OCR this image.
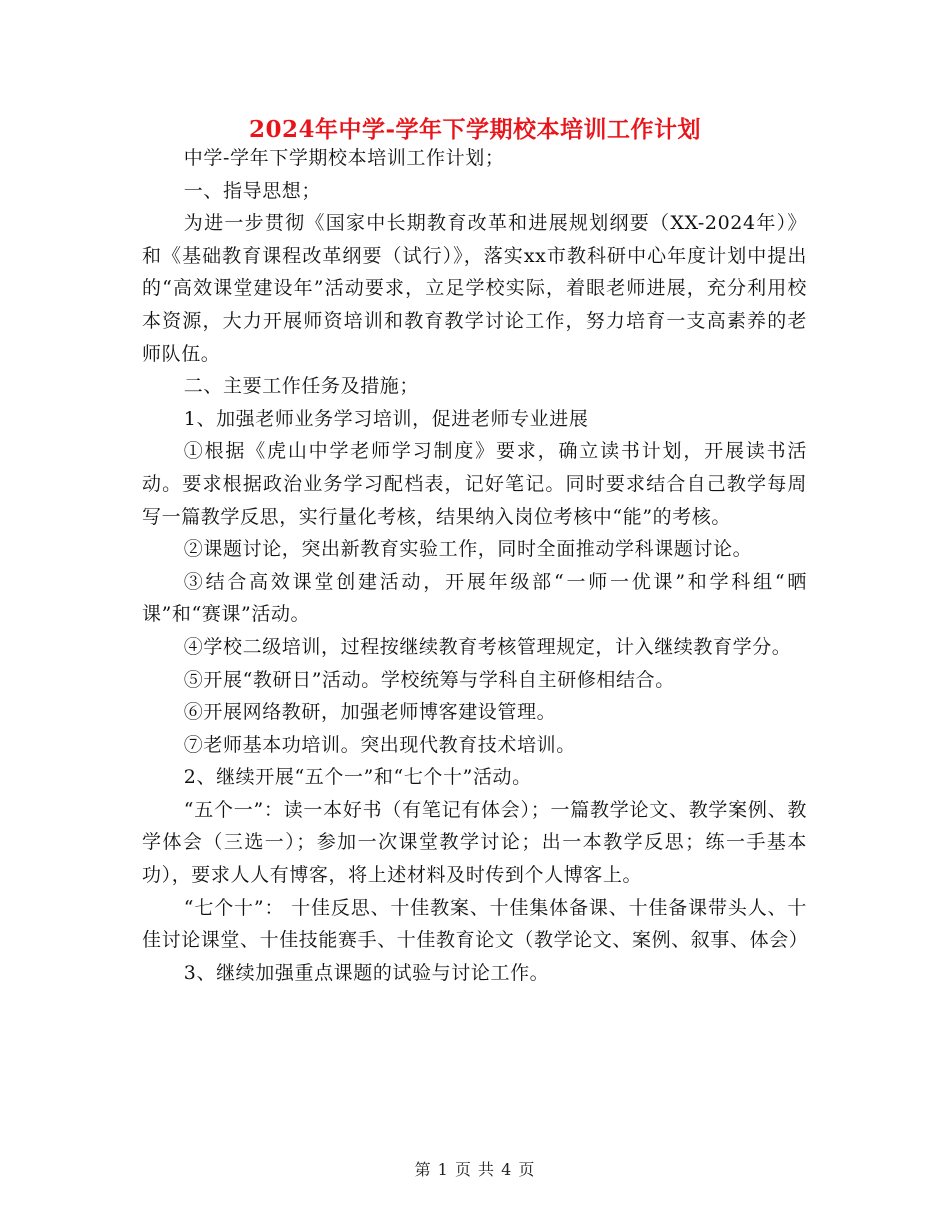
2024年中学-学年下学期校本培训工作计划

中学-学年下学期校本培训工作计划；

一、指导思想；

为进一步贯彻《国家中长期教育改革和进展规划纲要（XX-2024年）》和《基础教育课程改革纲要（试行）》，落实xx市教科研中心年度计划中提出的“高效课堂建设年”活动要求，立足学校实际，着眼老师进展，充分利用校本资源，大力开展师资培训和教育教学讨论工作，努力培育一支高素养的老师队伍。

二、主要工作任务及措施；

1、加强老师业务学习培训，促进老师专业进展

①根据《虎山中学老师学习制度》要求，确立读书计划，开展读书活动。要求根据政治业务学习配档表，记好笔记。同时要求结合自己教学每周写一篇教学反思，实行量化考核，结果纳入岗位考核中“能”的考核。

②课题讨论，突出新教育实验工作，同时全面推动学科课题讨论。

③结合高效课堂创建活动，开展年级部“一师一优课”和学科组“晒课”和“赛课”活动。

④学校二级培训，过程按继续教育考核管理规定，计入继续教育学分。

⑤开展“教研日”活动。学校统筹与学科自主研修相结合。

⑥开展网络教研，加强老师博客建设管理。

⑦老师基本功培训。突出现代教育技术培训。

2、继续开展“五个一”和“七个十”活动。

“五个一”：读一本好书（有笔记有体会）；一篇教学论文、教学案例、教学体会（三选一）；参加一次课堂教学讨论；出一本教学反思；练一手基本功），要求人人有博客，将上述材料及时传到个人博客上。

“七个十”： 十佳反思、十佳教案、十佳集体备课、十佳备课带头人、十佳讨论课堂、十佳技能赛手、十佳教育论文（教学论文、案例、叙事、体会）

3、继续加强重点课题的试验与讨论工作。

第 1 页 共 4 页
